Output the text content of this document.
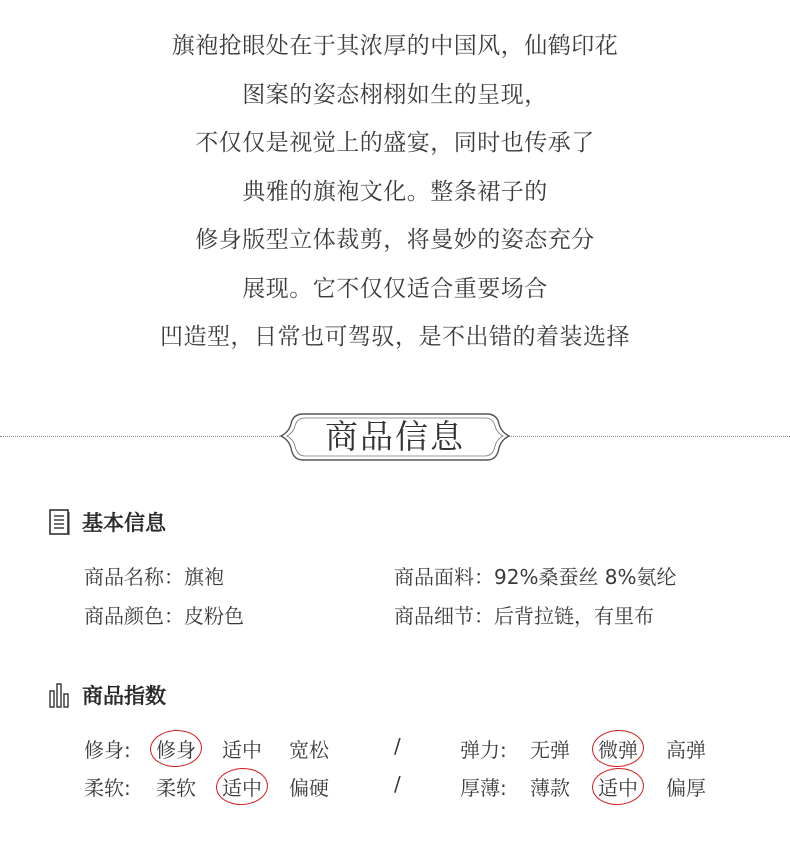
旗袍抢眼处在于其浓厚的中国风，仙鹤印花
图案的姿态栩栩如生的呈现，
不仅仅是视觉上的盛宴，同时也传承了
典雅的旗袍文化。整条裙子的
修身版型立体裁剪，将曼妙的姿态充分
展现。它不仅仅适合重要场合
凹造型，日常也可驾驭，是不出错的着装选择
商品信息
基本信息
商品名称：旗袍	商品面料：92%桑蚕丝 8%氨纶
商品颜色：皮粉色	商品细节：后背拉链，有里布
商品指数
修身: 修身 适中 宽松	/	弹力: 无弹 微弹 高弹
柔软: 柔软 适中 偏硬	/	厚薄: 薄款 适中 偏厚
